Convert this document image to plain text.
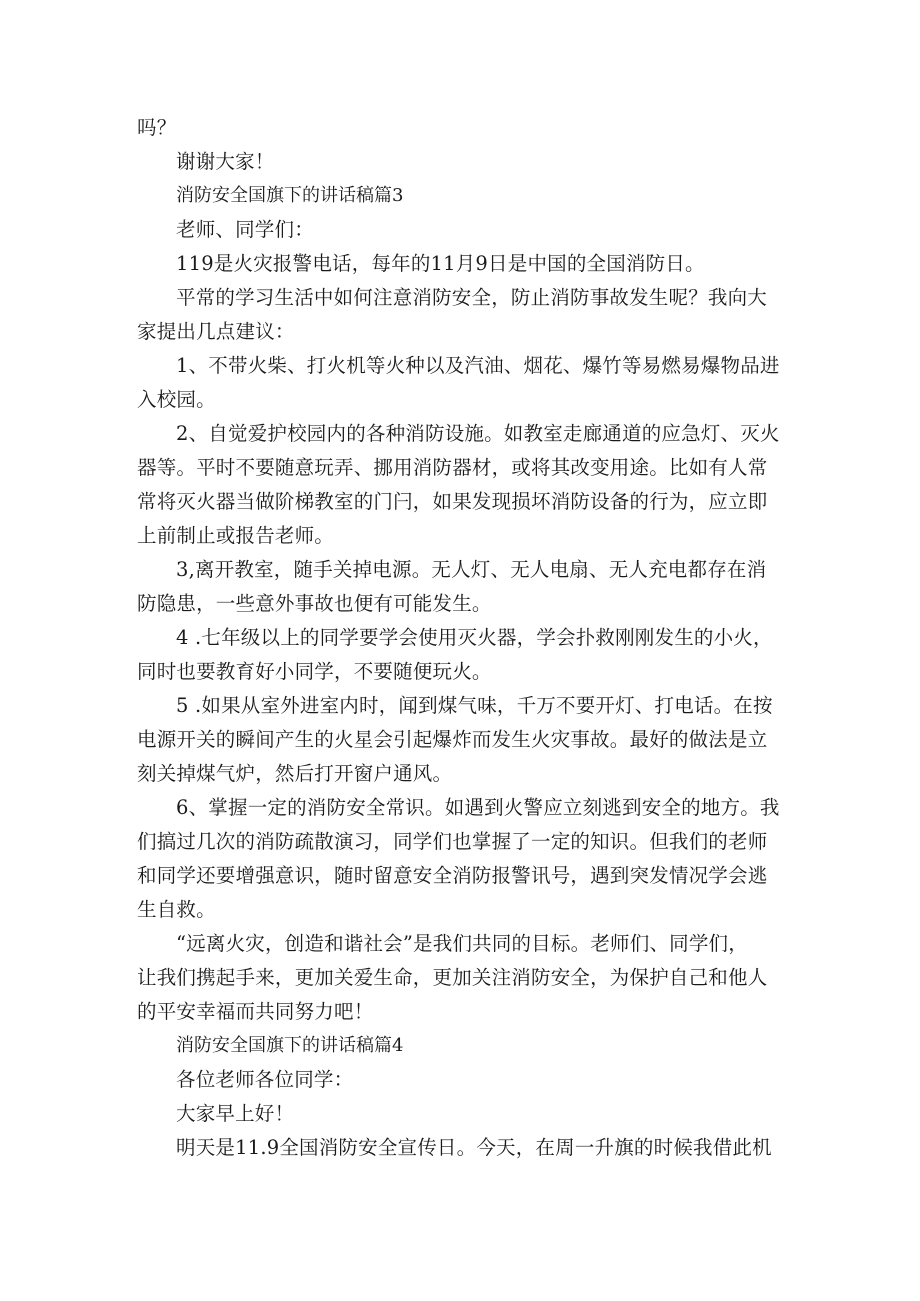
吗？
谢谢大家！
消防安全国旗下的讲话稿篇3
老师、同学们：
119是火灾报警电话，每年的11月9日是中国的全国消防日。
平常的学习生活中如何注意消防安全，防止消防事故发生呢？我向大
家提出几点建议：
1、不带火柴、打火机等火种以及汽油、烟花、爆竹等易燃易爆物品进
入校园。
2、自觉爱护校园内的各种消防设施。如教室走廊通道的应急灯、灭火
器等。平时不要随意玩弄、挪用消防器材，或将其改变用途。比如有人常
常将灭火器当做阶梯教室的门闩，如果发现损坏消防设备的行为，应立即
上前制止或报告老师。
3,离开教室，随手关掉电源。无人灯、无人电扇、无人充电都存在消
防隐患，一些意外事故也便有可能发生。
4 .七年级以上的同学要学会使用灭火器，学会扑救刚刚发生的小火，
同时也要教育好小同学，不要随便玩火。
5 .如果从室外进室内时，闻到煤气味，千万不要开灯、打电话。在按
电源开关的瞬间产生的火星会引起爆炸而发生火灾事故。最好的做法是立
刻关掉煤气炉，然后打开窗户通风。
6、掌握一定的消防安全常识。如遇到火警应立刻逃到安全的地方。我
们搞过几次的消防疏散演习，同学们也掌握了一定的知识。但我们的老师
和同学还要增强意识，随时留意安全消防报警讯号，遇到突发情况学会逃
生自救。
“远离火灾，创造和谐社会”是我们共同的目标。老师们、同学们，
让我们携起手来，更加关爱生命，更加关注消防安全，为保护自己和他人
的平安幸福而共同努力吧！
消防安全国旗下的讲话稿篇4
各位老师各位同学：
大家早上好！
明天是11.9全国消防安全宣传日。今天，在周一升旗的时候我借此机
